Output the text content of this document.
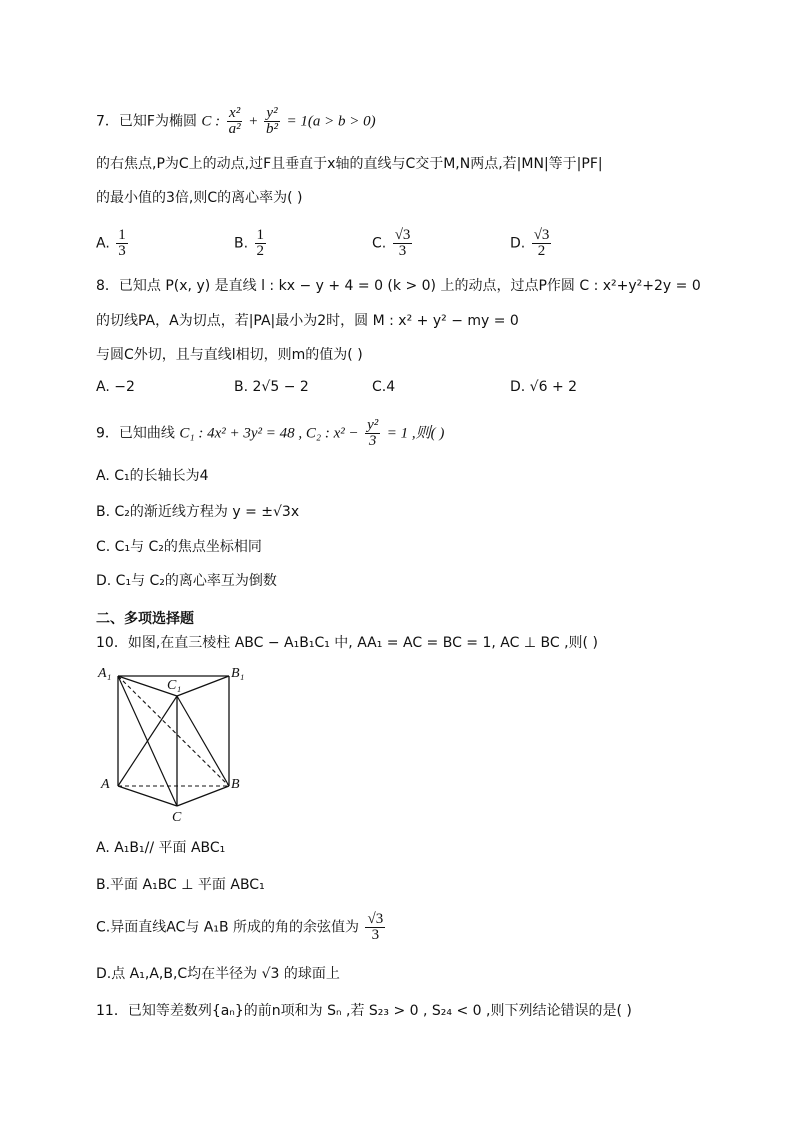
7．已知F为椭圆 C : $\frac{\text{x²}}{\text{a²}} + \frac{\text{y²}}{\text{b²}} = 1(a > b > 0)$
的右焦点,P为C上的动点,过F且垂直于x轴的直线与C交于M,N两点,若|MN|等于|PF|
的最小值的3倍,则C的离心率为( )
A. $\frac{1}{3}$	B. $\frac{1}{2}$	C. $\frac{√3}{3}$	D. $\frac{√3}{2}$
8．已知点 P(x, y) 是直线 l : kx − y + 4 = 0 (k > 0) 上的动点，过点P作圆 C : x²+y²+2y = 0
的切线PA，A为切点，若|PA|最小为2时，圆 M : x² + y² − my = 0
与圆C外切，且与直线l相切，则m的值为( )
A. −2	B. 2√5 − 2	C.4	D. √6 + 2
9．已知曲线 C₁ : 4x² + 3y² = 48 , C₂ : $x^2 - \frac{\text{y²}}{3} = 1$ ,则( )
A. C₁的长轴长为4
B. C₂的渐近线方程为 y = ±√3x
C. C₁与 C₂的焦点坐标相同
D. C₁与 C₂的离心率互为倒数
二、多项选择题
10．如图,在直三棱柱 ABC − A₁B₁C₁ 中, AA₁ = AC = BC = 1, AC ⊥ BC ,则( )
A₁	B₁
C₁
A	B
C
A. A₁B₁// 平面 ABC₁
B.平面 A₁BC ⊥ 平面 ABC₁
C.异面直线AC与 A₁B 所成的角的余弦值为 $\frac{√3}{3}$
D.点 A₁,A,B,C均在半径为 √3 的球面上
11．已知等差数列{aₙ}的前n项和为 Sₙ ,若 S₂₃ > 0 , S₂₄ < 0 ,则下列结论错误的是( )
